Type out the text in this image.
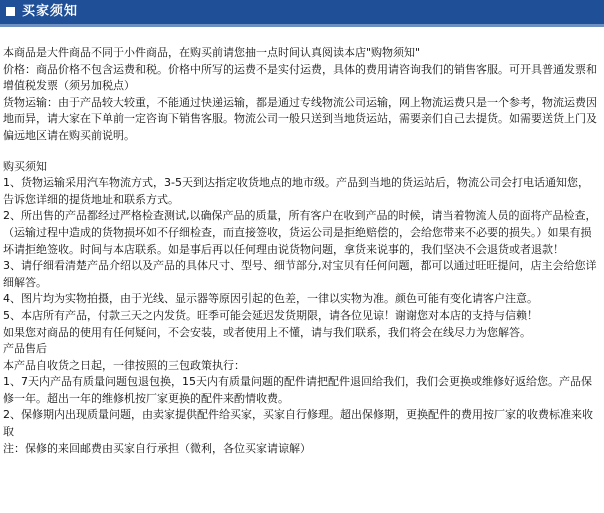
买家须知

本商品是大件商品不同于小件商品，在购买前请您抽一点时间认真阅读本店"购物须知"

价格：商品价格不包含运费和税。价格中所写的运费不是实付运费，具体的费用请咨询我们的销售客服。可开具普通发票和增值税发票（须另加税点）

货物运输：由于产品较大较重，不能通过快递运输，都是通过专线物流公司运输，网上物流运费只是一个参考，物流运费因地而异，请大家在下单前一定咨询下销售客服。物流公司一般只送到当地货运站，需要亲们自己去提货。如需要送货上门及偏远地区请在购买前说明。

购买须知

1、货物运输采用汽车物流方式，3-5天到达指定收货地点的地市级。产品到当地的货运站后，物流公司会打电话通知您，告诉您详细的提货地址和联系方式。

2、所出售的产品都经过严格检查测试,以确保产品的质量，所有客户在收到产品的时候，请当着物流人员的面将产品检查，（运输过程中造成的货物损坏如不仔细检查，而直接签收，货运公司是拒绝赔偿的，会给您带来不必要的损失。）如果有损坏请拒绝签收。时间与本店联系。如是事后再以任何理由说货物问题，拿货来说事的，我们坚决不会退货或者退款！

3、请仔细看清楚产品介绍以及产品的具体尺寸、型号、细节部分,对宝贝有任何问题，都可以通过旺旺提问，店主会给您详细解答。

4、图片均为实物拍摄，由于光线、显示器等原因引起的色差，一律以实物为准。颜色可能有变化请客户注意。

5、本店所有产品，付款三天之内发货。旺季可能会延迟发货期限，请各位见谅！谢谢您对本店的支持与信赖！

如果您对商品的使用有任何疑问，不会安装，或者使用上不懂，请与我们联系，我们将会在线尽力为您解答。

产品售后

本产品自收货之日起，一律按照的三包政策执行：

1、7天内产品有质量问题包退包换，15天内有质量问题的配件请把配件退回给我们，我们会更换或维修好返给您。产品保修一年。超出一年的维修机按厂家更换的配件来酌情收费。

2、保修期内出现质量问题，由卖家提供配件给买家，买家自行修理。超出保修期，更换配件的费用按厂家的收费标准来收取

注：保修的来回邮费由买家自行承担（微利，各位买家请谅解）
